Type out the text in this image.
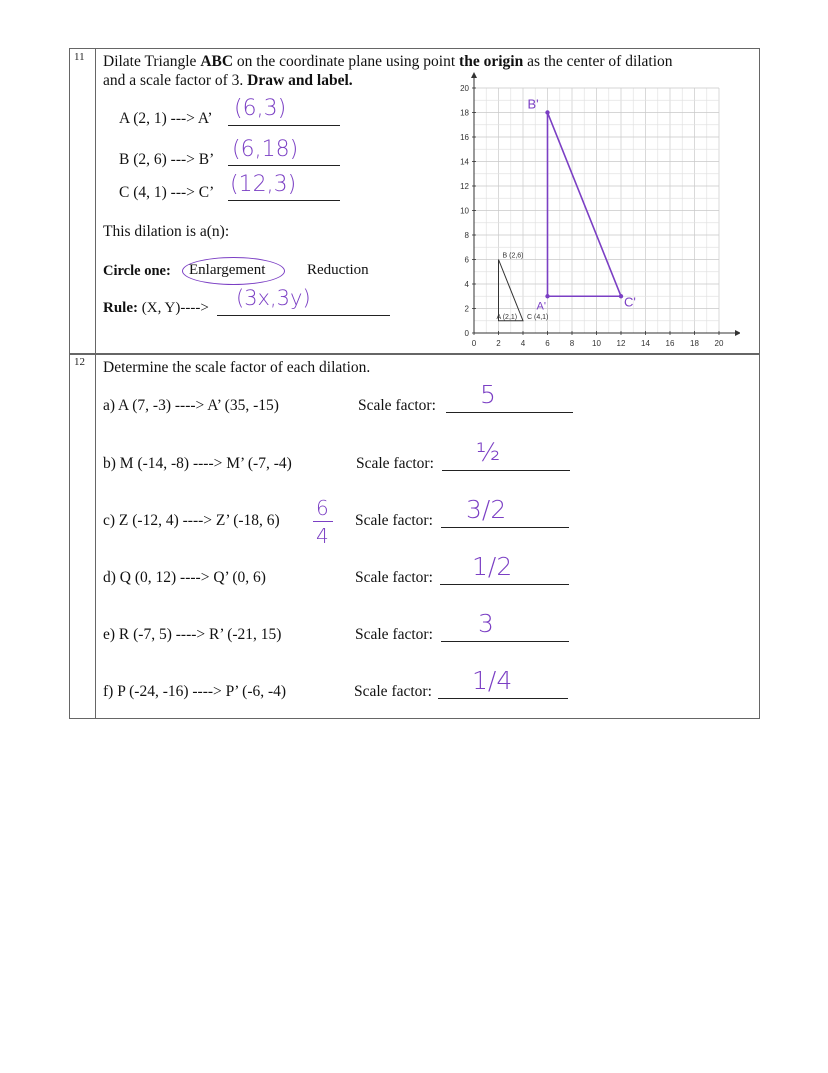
11 Dilate Triangle ABC on the coordinate plane using point the origin as the center of dilation
and a scale factor of 3. Draw and label.
A (2, 1) ---> A’ (6,3)
B (2, 6) ---> B’ (6,18)
C (4, 1) ---> C’ (12,3)
This dilation is a(n):
Circle one: Enlargement	Reduction
Rule: (X, Y)----> (3x,3y)
0	2	4	6	8 10 12 14 16 18 20
0
2
4
6
8
10
12
14
16
18
20
A (2,1)
B (2,6)
C (4,1)
A'
B'
C'
12 Determine the scale factor of each dilation.
a) A (7, -3) ----> A’ (35, -15)	Scale factor: 5
b) M (-14, -8) ----> M’ (-7, -4)	Scale factor: ½
c) Z (-12, 4) ----> Z’ (-18, 6)	Scale factor: 3/2
d) Q (0, 12) ----> Q’ (0, 6)	Scale factor: 1/2
e) R (-7, 5) ----> R’ (-21, 15)	Scale factor: 3
f) P (-24, -16) ----> P’ (-6, -4)	Scale factor: 1/4
6
4
